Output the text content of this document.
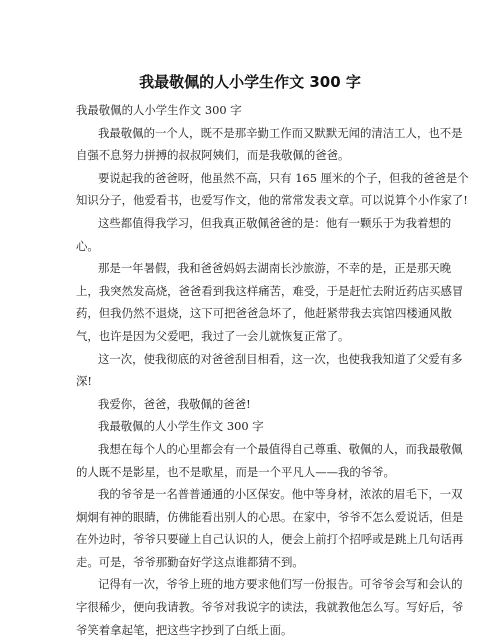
我最敬佩的人小学生作文 300 字
我最敬佩的人小学生作文 300 字
我最敬佩的一个人，既不是那辛勤工作而又默默无闻的清洁工人，也不是
自强不息努力拼搏的叔叔阿姨们，而是我敬佩的爸爸。
要说起我的爸爸呀，他虽然不高，只有 165 厘米的个子，但我的爸爸是个
知识分子，他爱看书，也爱写作文，他的常常发表文章。可以说算个小作家了!
这些都值得我学习，但我真正敬佩爸爸的是：他有一颗乐于为我着想的
心。
那是一年暑假，我和爸爸妈妈去湖南长沙旅游，不幸的是，正是那天晚
上，我突然发高烧，爸爸看到我这样痛苦，难受，于是赶忙去附近药店买感冒
药，但我仍然不退烧，这下可把爸爸急坏了，他赶紧带我去宾馆四楼通风散
气，也许是因为父爱吧，我过了一会儿就恢复正常了。
这一次，使我彻底的对爸爸刮目相看，这一次，也使我我知道了父爱有多
深!
我爱你，爸爸，我敬佩的爸爸!
我最敬佩的人小学生作文 300 字
我想在每个人的心里都会有一个最值得自己尊重、敬佩的人，而我最敬佩
的人既不是影星，也不是歌星，而是一个平凡人——我的爷爷。
我的爷爷是一名普普通通的小区保安。他中等身材，浓浓的眉毛下，一双
炯炯有神的眼睛，仿佛能看出别人的心思。在家中，爷爷不怎么爱说话，但是
在外边时，爷爷只要碰上自己认识的人，便会上前打个招呼或是跳上几句话再
走。可是，爷爷那勤奋好学这点谁都猜不到。
记得有一次，爷爷上班的地方要求他们写一份报告。可爷爷会写和会认的
字很稀少，便向我请教。爷爷对我说字的读法，我就教他怎么写。写好后，爷
爷笑着拿起笔，把这些字抄到了白纸上面。
